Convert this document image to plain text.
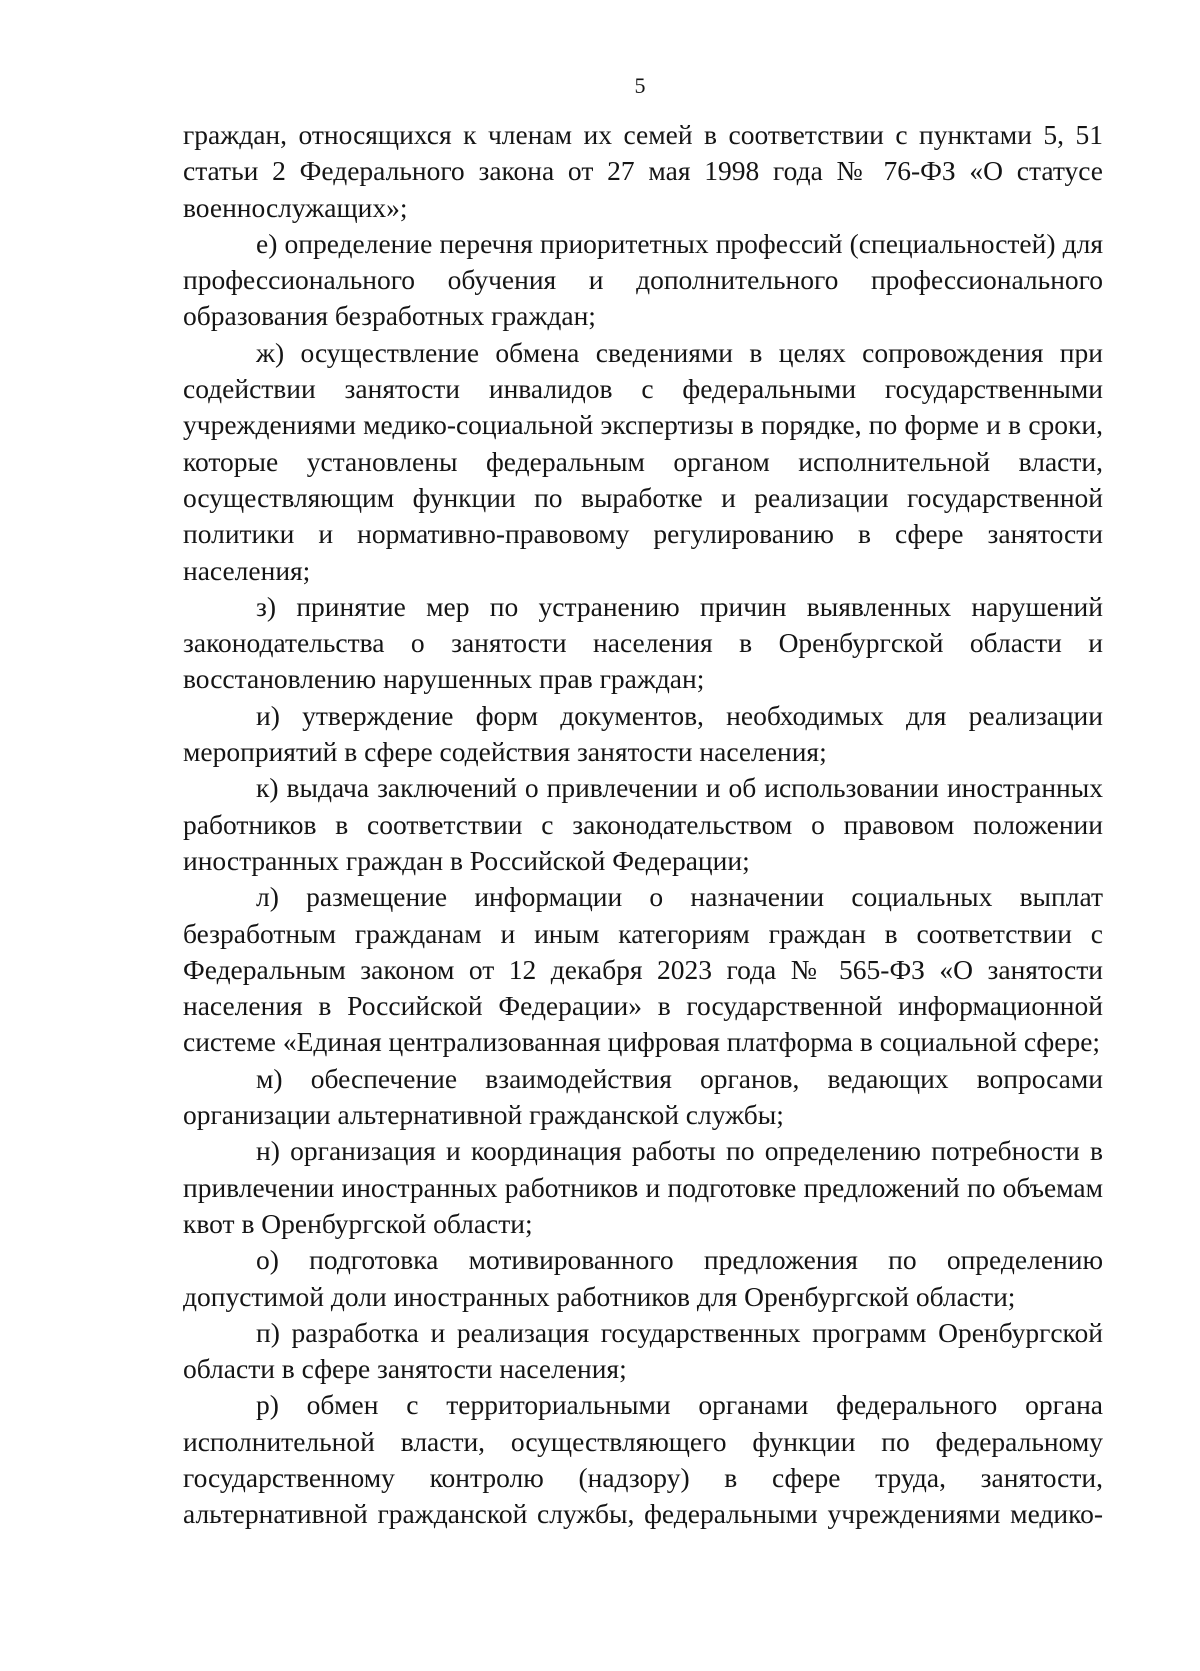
5

граждан, относящихся к членам их семей в соответствии с пунктами 5, 51 статьи 2 Федерального закона от 27 мая 1998 года № 76-ФЗ «О статусе военнослужащих»;

е) определение перечня приоритетных профессий (специальностей) для профессионального обучения и дополнительного профессионального образования безработных граждан;

ж) осуществление обмена сведениями в целях сопровождения при содействии занятости инвалидов с федеральными государственными учреждениями медико-социальной экспертизы в порядке, по форме и в сроки, которые установлены федеральным органом исполнительной власти, осуществляющим функции по выработке и реализации государственной политики и нормативно-правовому регулированию в сфере занятости населения;

з) принятие мер по устранению причин выявленных нарушений законодательства о занятости населения в Оренбургской области и восстановлению нарушенных прав граждан;

и) утверждение форм документов, необходимых для реализации мероприятий в сфере содействия занятости населения;

к) выдача заключений о привлечении и об использовании иностранных работников в соответствии с законодательством о правовом положении иностранных граждан в Российской Федерации;

л) размещение информации о назначении социальных выплат безработным гражданам и иным категориям граждан в соответствии с Федеральным законом от 12 декабря 2023 года № 565-ФЗ «О занятости населения в Российской Федерации» в государственной информационной системе «Единая централизованная цифровая платформа в социальной сфере;

м) обеспечение взаимодействия органов, ведающих вопросами организации альтернативной гражданской службы;

н) организация и координация работы по определению потребности в привлечении иностранных работников и подготовке предложений по объемам квот в Оренбургской области;

о) подготовка мотивированного предложения по определению допустимой доли иностранных работников для Оренбургской области;

п) разработка и реализация государственных программ Оренбургской области в сфере занятости населения;

р) обмен с территориальными органами федерального органа исполнительной власти, осуществляющего функции по федеральному государственному контролю (надзору) в сфере труда, занятости, альтернативной гражданской службы, федеральными учреждениями медико-
